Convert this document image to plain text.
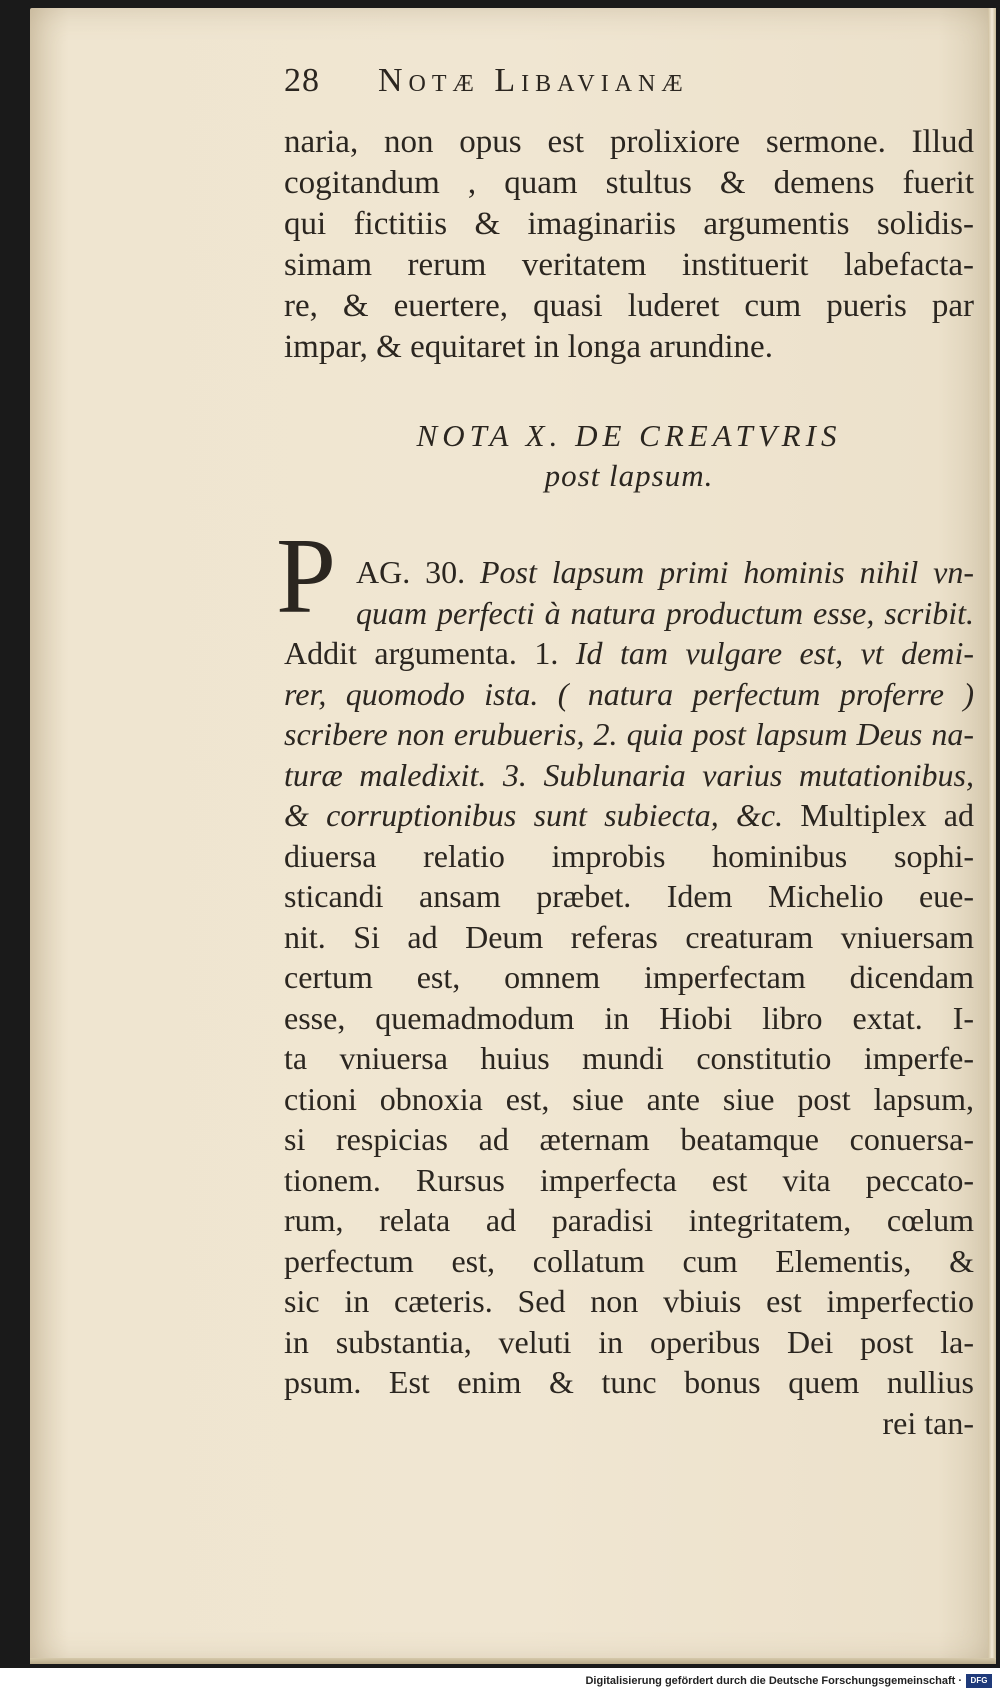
28 Notæ Libavianæ
naria, non opus est prolixiore sermone. Illud
cogitandum , quam stultus & demens fuerit
qui fictitiis & imaginariis argumentis solidis-
simam rerum veritatem instituerit labefacta-
re, & euertere, quasi luderet cum pueris par
impar, & equitaret in longa arundine.
NOTA X. DE CREATVRIS
post lapsum.
P AG. 30. Post lapsum primi hominis nihil vn-
quam perfecti à natura productum esse, scribit.
Addit argumenta. 1. Id tam vulgare est, vt demi-
rer, quomodo ista. ( natura perfectum proferre )
scribere non erubueris, 2. quia post lapsum Deus na-
turæ maledixit. 3. Sublunaria varius mutationibus,
& corruptionibus sunt subiecta, &c. Multiplex ad
diuersa relatio improbis hominibus sophi-
sticandi ansam præbet. Idem Michelio eue-
nit. Si ad Deum referas creaturam vniuersam
certum est, omnem imperfectam dicendam
esse, quemadmodum in Hiobi libro extat. I-
ta vniuersa huius mundi constitutio imperfe-
ctioni obnoxia est, siue ante siue post lapsum,
si respicias ad æternam beatamque conuersa-
tionem. Rursus imperfecta est vita peccato-
rum, relata ad paradisi integritatem, cœlum
perfectum est, collatum cum Elementis, &
sic in cæteris. Sed non vbiuis est imperfectio
in substantia, veluti in operibus Dei post la-
psum. Est enim & tunc bonus quem nullius
rei tan-
Digitalisierung gefördert durch die Deutsche Forschungsgemeinschaft ·	DFG
